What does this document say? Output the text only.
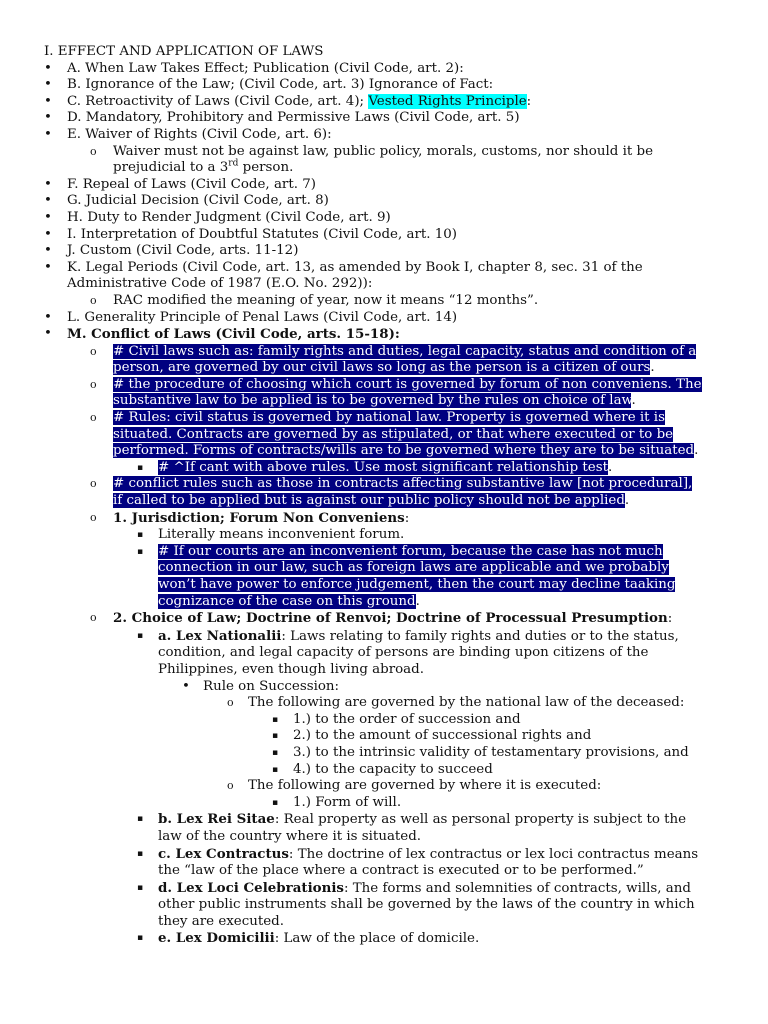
I. EFFECT AND APPLICATION OF LAWS
• A. When Law Takes Effect; Publication (Civil Code, art. 2):
• B. Ignorance of the Law; (Civil Code, art. 3) Ignorance of Fact:
• C. Retroactivity of Laws (Civil Code, art. 4); Vested Rights Principle:
• D. Mandatory, Prohibitory and Permissive Laws (Civil Code, art. 5)
• E. Waiver of Rights (Civil Code, art. 6):
o Waiver must not be against law, public policy, morals, customs, nor should it be
prejudicial to a 3rd person.
• F. Repeal of Laws (Civil Code, art. 7)
• G. Judicial Decision (Civil Code, art. 8)
• H. Duty to Render Judgment (Civil Code, art. 9)
• I. Interpretation of Doubtful Statutes (Civil Code, art. 10)
• J. Custom (Civil Code, arts. 11-12)
• K. Legal Periods (Civil Code, art. 13, as amended by Book I, chapter 8, sec. 31 of the
Administrative Code of 1987 (E.O. No. 292)):
o RAC modified the meaning of year, now it means “12 months”.
• L. Generality Principle of Penal Laws (Civil Code, art. 14)
• M. Conflict of Laws (Civil Code, arts. 15-18):
o # Civil laws such as: family rights and duties, legal capacity, status and condition of a
person, are governed by our civil laws so long as the person is a citizen of ours.
o # the procedure of choosing which court is governed by forum of non conveniens. The
substantive law to be applied is to be governed by the rules on choice of law.
o # Rules: civil status is governed by national law. Property is governed where it is
situated. Contracts are governed by as stipulated, or that where executed or to be
performed. Forms of contracts/wills are to be governed where they are to be situated.
▪ # ^If cant with above rules. Use most significant relationship test.
o # conflict rules such as those in contracts affecting substantive law [not procedural],
if called to be applied but is against our public policy should not be applied.
o 1. Jurisdiction; Forum Non Conveniens:
▪ Literally means inconvenient forum.
▪ # If our courts are an inconvenient forum, because the case has not much
connection in our law, such as foreign laws are applicable and we probably
won’t have power to enforce judgement, then the court may decline taaking
cognizance of the case on this ground.
o 2. Choice of Law; Doctrine of Renvoi; Doctrine of Processual Presumption:
▪ a. Lex Nationalii: Laws relating to family rights and duties or to the status,
condition, and legal capacity of persons are binding upon citizens of the
Philippines, even though living abroad.
• Rule on Succession:
o The following are governed by the national law of the deceased:
▪ 1.) to the order of succession and
▪ 2.) to the amount of successional rights and
▪ 3.) to the intrinsic validity of testamentary provisions, and
▪ 4.) to the capacity to succeed
o The following are governed by where it is executed:
▪ 1.) Form of will.
▪ b. Lex Rei Sitae: Real property as well as personal property is subject to the
law of the country where it is situated.
▪ c. Lex Contractus: The doctrine of lex contractus or lex loci contractus means
the “law of the place where a contract is executed or to be performed.”
▪ d. Lex Loci Celebrationis: The forms and solemnities of contracts, wills, and
other public instruments shall be governed by the laws of the country in which
they are executed.
▪ e. Lex Domicilii: Law of the place of domicile.
